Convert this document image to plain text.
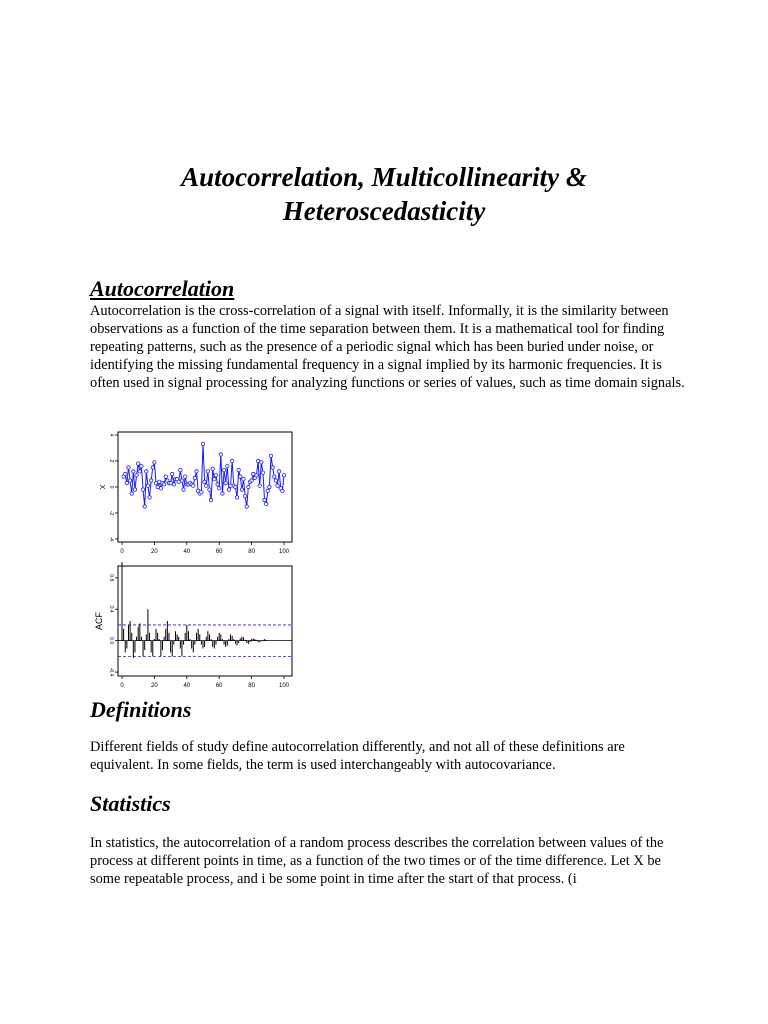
Autocorrelation, Multicollinearity &
Heteroscedasticity
Autocorrelation

Autocorrelation is the cross-correlation of a signal with itself. Informally, it is the similarity between observations as a function of the time separation between them. It is a mathematical tool for finding repeating patterns, such as the presence of a periodic signal which has been buried under noise, or identifying the missing fundamental frequency in a signal implied by its harmonic frequencies. It is often used in signal processing for analyzing functions or series of values, such as time domain signals.

0	20	40	60	80	100
-4
-2
0
2
4
X
0	20	40	60	80	100
-0.4
0.0
0.4
0.8
ACF
Definitions

Different fields of study define autocorrelation differently, and not all of these definitions are equivalent. In some fields, the term is used interchangeably with autocovariance.

Statistics

In statistics, the autocorrelation of a random process describes the correlation between values of the process at different points in time, as a function of the two times or of the time difference. Let X be some repeatable process, and i be some point in time after the start of that process. (i
